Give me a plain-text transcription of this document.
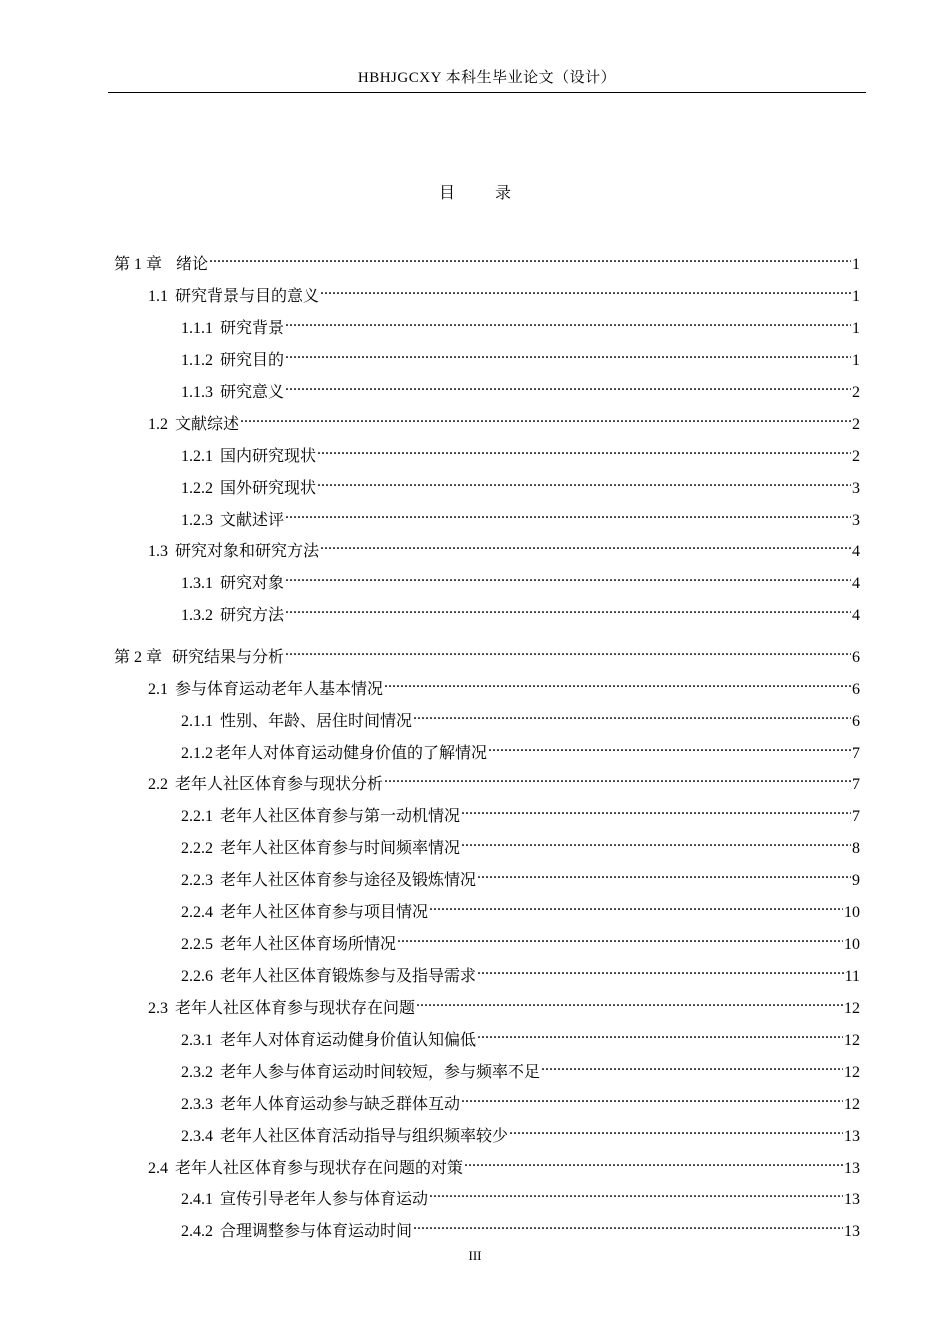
HBHJGCXY 本科生毕业论文（设计）
目	录
第 1 章 绪论 .....	1
1.1 研究背景与目的意义 .....	1
1.1.1 研究背景 .....	1
1.1.2 研究目的 .....	1
1.1.3 研究意义 .....	2
1.2 文献综述 .....	2
1.2.1 国内研究现状 .....	2
1.2.2 国外研究现状 .....	3
1.2.3 文献述评 .....	3
1.3 研究对象和研究方法 .....	4
1.3.1 研究对象 .....	4
1.3.2 研究方法 .....	4
第 2 章 研究结果与分析 .....	6
2.1 参与体育运动老年人基本情况 .....	6
2.1.1 性别、年龄、居住时间情况 .....	6
2.1.2 老年人对体育运动健身价值的了解情况 .....	7
2.2 老年人社区体育参与现状分析 .....	7
2.2.1 老年人社区体育参与第一动机情况 .....	7
2.2.2 老年人社区体育参与时间频率情况 .....	8
2.2.3 老年人社区体育参与途径及锻炼情况 .....	9
2.2.4 老年人社区体育参与项目情况 .....	10
2.2.5 老年人社区体育场所情况 .....	10
2.2.6 老年人社区体育锻炼参与及指导需求 .....	11
2.3 老年人社区体育参与现状存在问题 .....	12
2.3.1 老年人对体育运动健身价值认知偏低 .....	12
2.3.2 老年人参与体育运动时间较短，参与频率不足 .....	12
2.3.3 老年人体育运动参与缺乏群体互动 .....	12
2.3.4 老年人社区体育活动指导与组织频率较少 .....	13
2.4 老年人社区体育参与现状存在问题的对策 .....	13
2.4.1 宣传引导老年人参与体育运动 .....	13
2.4.2 合理调整参与体育运动时间 .....	13
III
